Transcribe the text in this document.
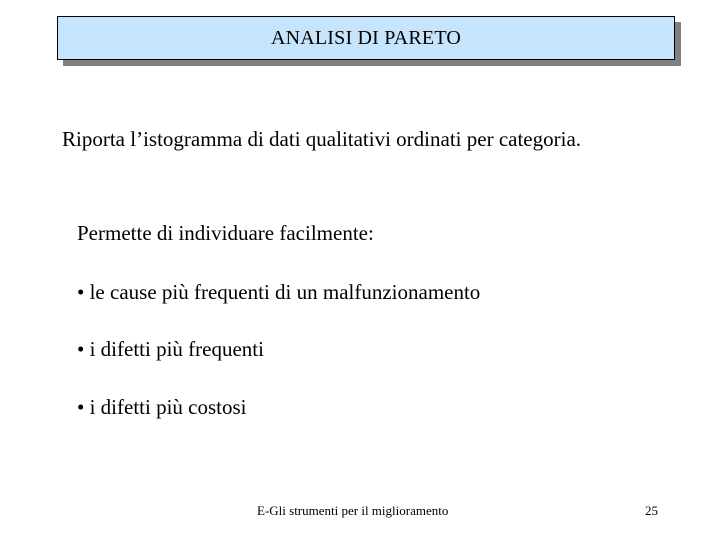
ANALISI DI PARETO
Riporta l’istogramma di dati qualitativi ordinati per categoria.
Permette di individuare facilmente:
• le cause più frequenti di un malfunzionamento
• i difetti più frequenti
• i difetti più costosi
E-Gli strumenti per il miglioramento	25
